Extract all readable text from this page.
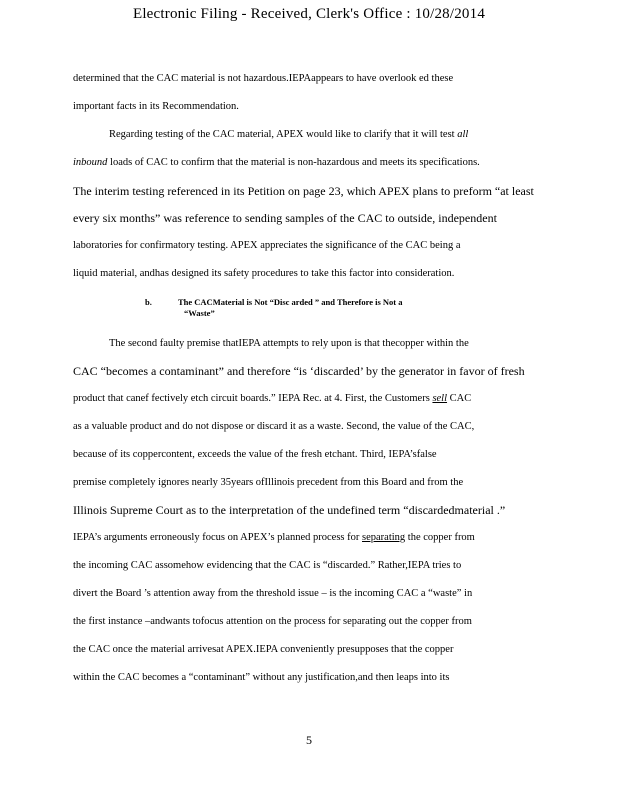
Electronic Filing - Received, Clerk's Office : 10/28/2014
determined that the CAC material is not hazardous.IEPAappears to have overlook ed these
important facts in its Recommendation.
Regarding testing of the CAC material, APEX would like to clarify that it will test all
inbound loads of CAC to confirm that the material is non-hazardous and meets its specifications.
The interim testing referenced in its Petition on page 23, which APEX plans to preform “at least
every six months” was reference to sending samples of the CAC to outside, independent
laboratories for confirmatory testing. APEX appreciates the significance of the CAC being a
liquid material, andhas designed its safety procedures to take this factor into consideration.
b.	The CACMaterial is Not “Disc arded ” and Therefore is Not a
“Waste”
The second faulty premise thatIEPA attempts to rely upon is that thecopper within the
CAC “becomes a contaminant” and therefore “is ‘discarded’ by the generator in favor of fresh
product that canef fectively etch circuit boards.” IEPA Rec. at 4. First, the Customers sell CAC
as a valuable product and do not dispose or discard it as a waste. Second, the value of the CAC,
because of its coppercontent, exceeds the value of the fresh etchant. Third, IEPA’sfalse
premise completely ignores nearly 35years ofIllinois precedent from this Board and from the
Illinois Supreme Court as to the interpretation of the undefined term “discardedmaterial .”
IEPA’s arguments erroneously focus on APEX’s planned process for separating the copper from
the incoming CAC assomehow evidencing that the CAC is “discarded.” Rather,IEPA tries to
divert the Board ’s attention away from the threshold issue – is the incoming CAC a “waste” in
the first instance –andwants tofocus attention on the process for separating out the copper from
the CAC once the material arrivesat APEX.IEPA conveniently presupposes that the copper
within the CAC becomes a “contaminant” without any justification,and then leaps into its
5
